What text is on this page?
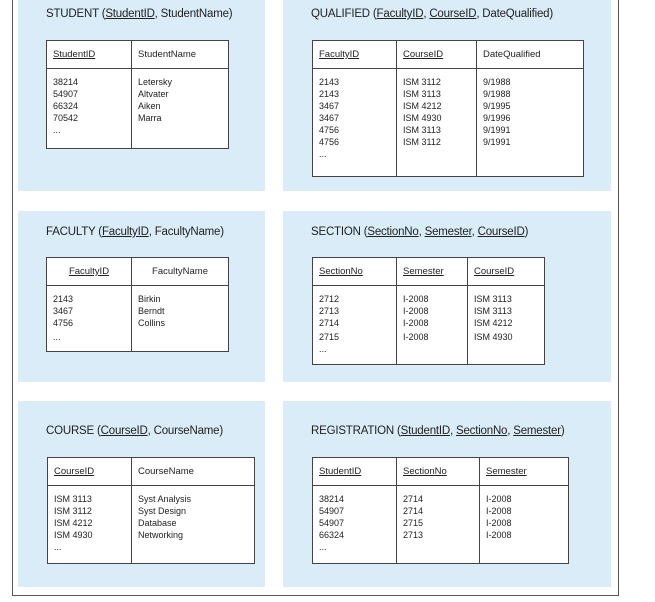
STUDENT (StudentID, StudentName)
StudentID
38214
54907
66324
70542
...
StudentName
Letersky
Altvater
Aiken
Marra
QUALIFIED (FacultyID, CourseID, DateQualified)
FacultyID
2143
2143
3467
3467
4756
4756
...
CourseID
ISM 3112
ISM 3113
ISM 4212
ISM 4930
ISM 3113
ISM 3112
DateQualified
9/1988
9/1988
9/1995
9/1996
9/1991
9/1991
FACULTY (FacultyID, FacultyName)
FacultyID
2143
3467
4756
...
FacultyName
Birkin
Berndt
Collins
SECTION (SectionNo, Semester, CourseID)
SectionNo
2712
2713
2714
2715
...
Semester
I-2008
I-2008
I-2008
I-2008
CourseID
ISM 3113
ISM 3113
ISM 4212
ISM 4930
COURSE (CourseID, CourseName)
CourseID
ISM 3113
ISM 3112
ISM 4212
ISM 4930
...
CourseName
Syst Analysis
Syst Design
Database
Networking
REGISTRATION (StudentID, SectionNo, Semester)
StudentID
38214
54907
54907
66324
...
SectionNo
2714
2714
2715
2713
Semester
I-2008
I-2008
I-2008
I-2008
